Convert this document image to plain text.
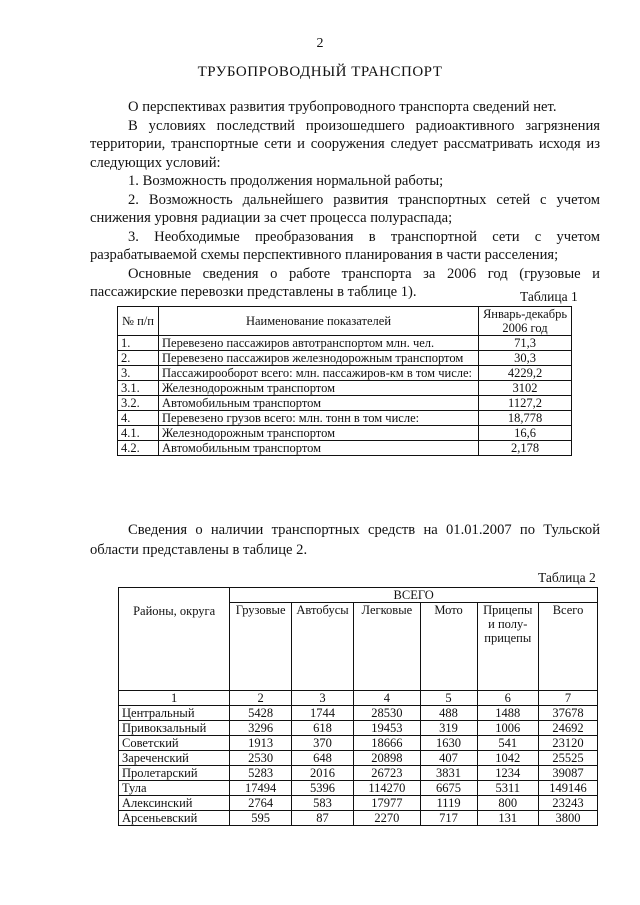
2
ТРУБОПРОВОДНЫЙ ТРАНСПОРТ

О перспективах развития трубопроводного транспорта сведений нет.

В условиях последствий произошедшего радиоактивного загрязнения территории, транспортные сети и сооружения следует рассматривать исходя из следующих условий:

1. Возможность продолжения нормальной работы;

2. Возможность дальнейшего развития транспортных сетей с учетом снижения уровня радиации за счет процесса полураспада;

3. Необходимые преобразования в транспортной сети с учетом разрабатываемой схемы перспективного планирования в части расселения;

Основные сведения о работе транспорта за 2006 год (грузовые и пассажирские перевозки представлены в таблице 1).	Таблица 1
№ п/п	Наименование показателей	Январь-декабрь 2006 год
1.	Перевезено пассажиров автотранспортом млн. чел.	71,3
2.	Перевезено пассажиров железнодорожным транспортом	30,3
3.	Пассажирооборот всего: млн. пассажиров-км в том числе:	4229,2
3.1.	Железнодорожным транспортом	3102
3.2.	Автомобильным транспортом	1127,2
4.	Перевезено грузов всего: млн. тонн в том числе:	18,778
4.1.	Железнодорожным транспортом	16,6
4.2.	Автомобильным транспортом	2,178

Сведения о наличии транспортных средств на 01.01.2007 по Тульской области представлены в таблице 2.

Таблица 2
Районы, округа	ВСЕГО					
	Грузовые	Автобусы	Легковые	Мото	Прицепы и полу-прицепы	Всего
1	2	3	4	5	6	7
Центральный	5428	1744	28530	488	1488	37678
Привокзальный	3296	618	19453	319	1006	24692
Советский	1913	370	18666	1630	541	23120
Зареченский	2530	648	20898	407	1042	25525
Пролетарский	5283	2016	26723	3831	1234	39087
Тула	17494	5396	114270	6675	5311	149146
Алексинский	2764	583	17977	1119	800	23243
Арсеньевский	595	87	2270	717	131	3800
